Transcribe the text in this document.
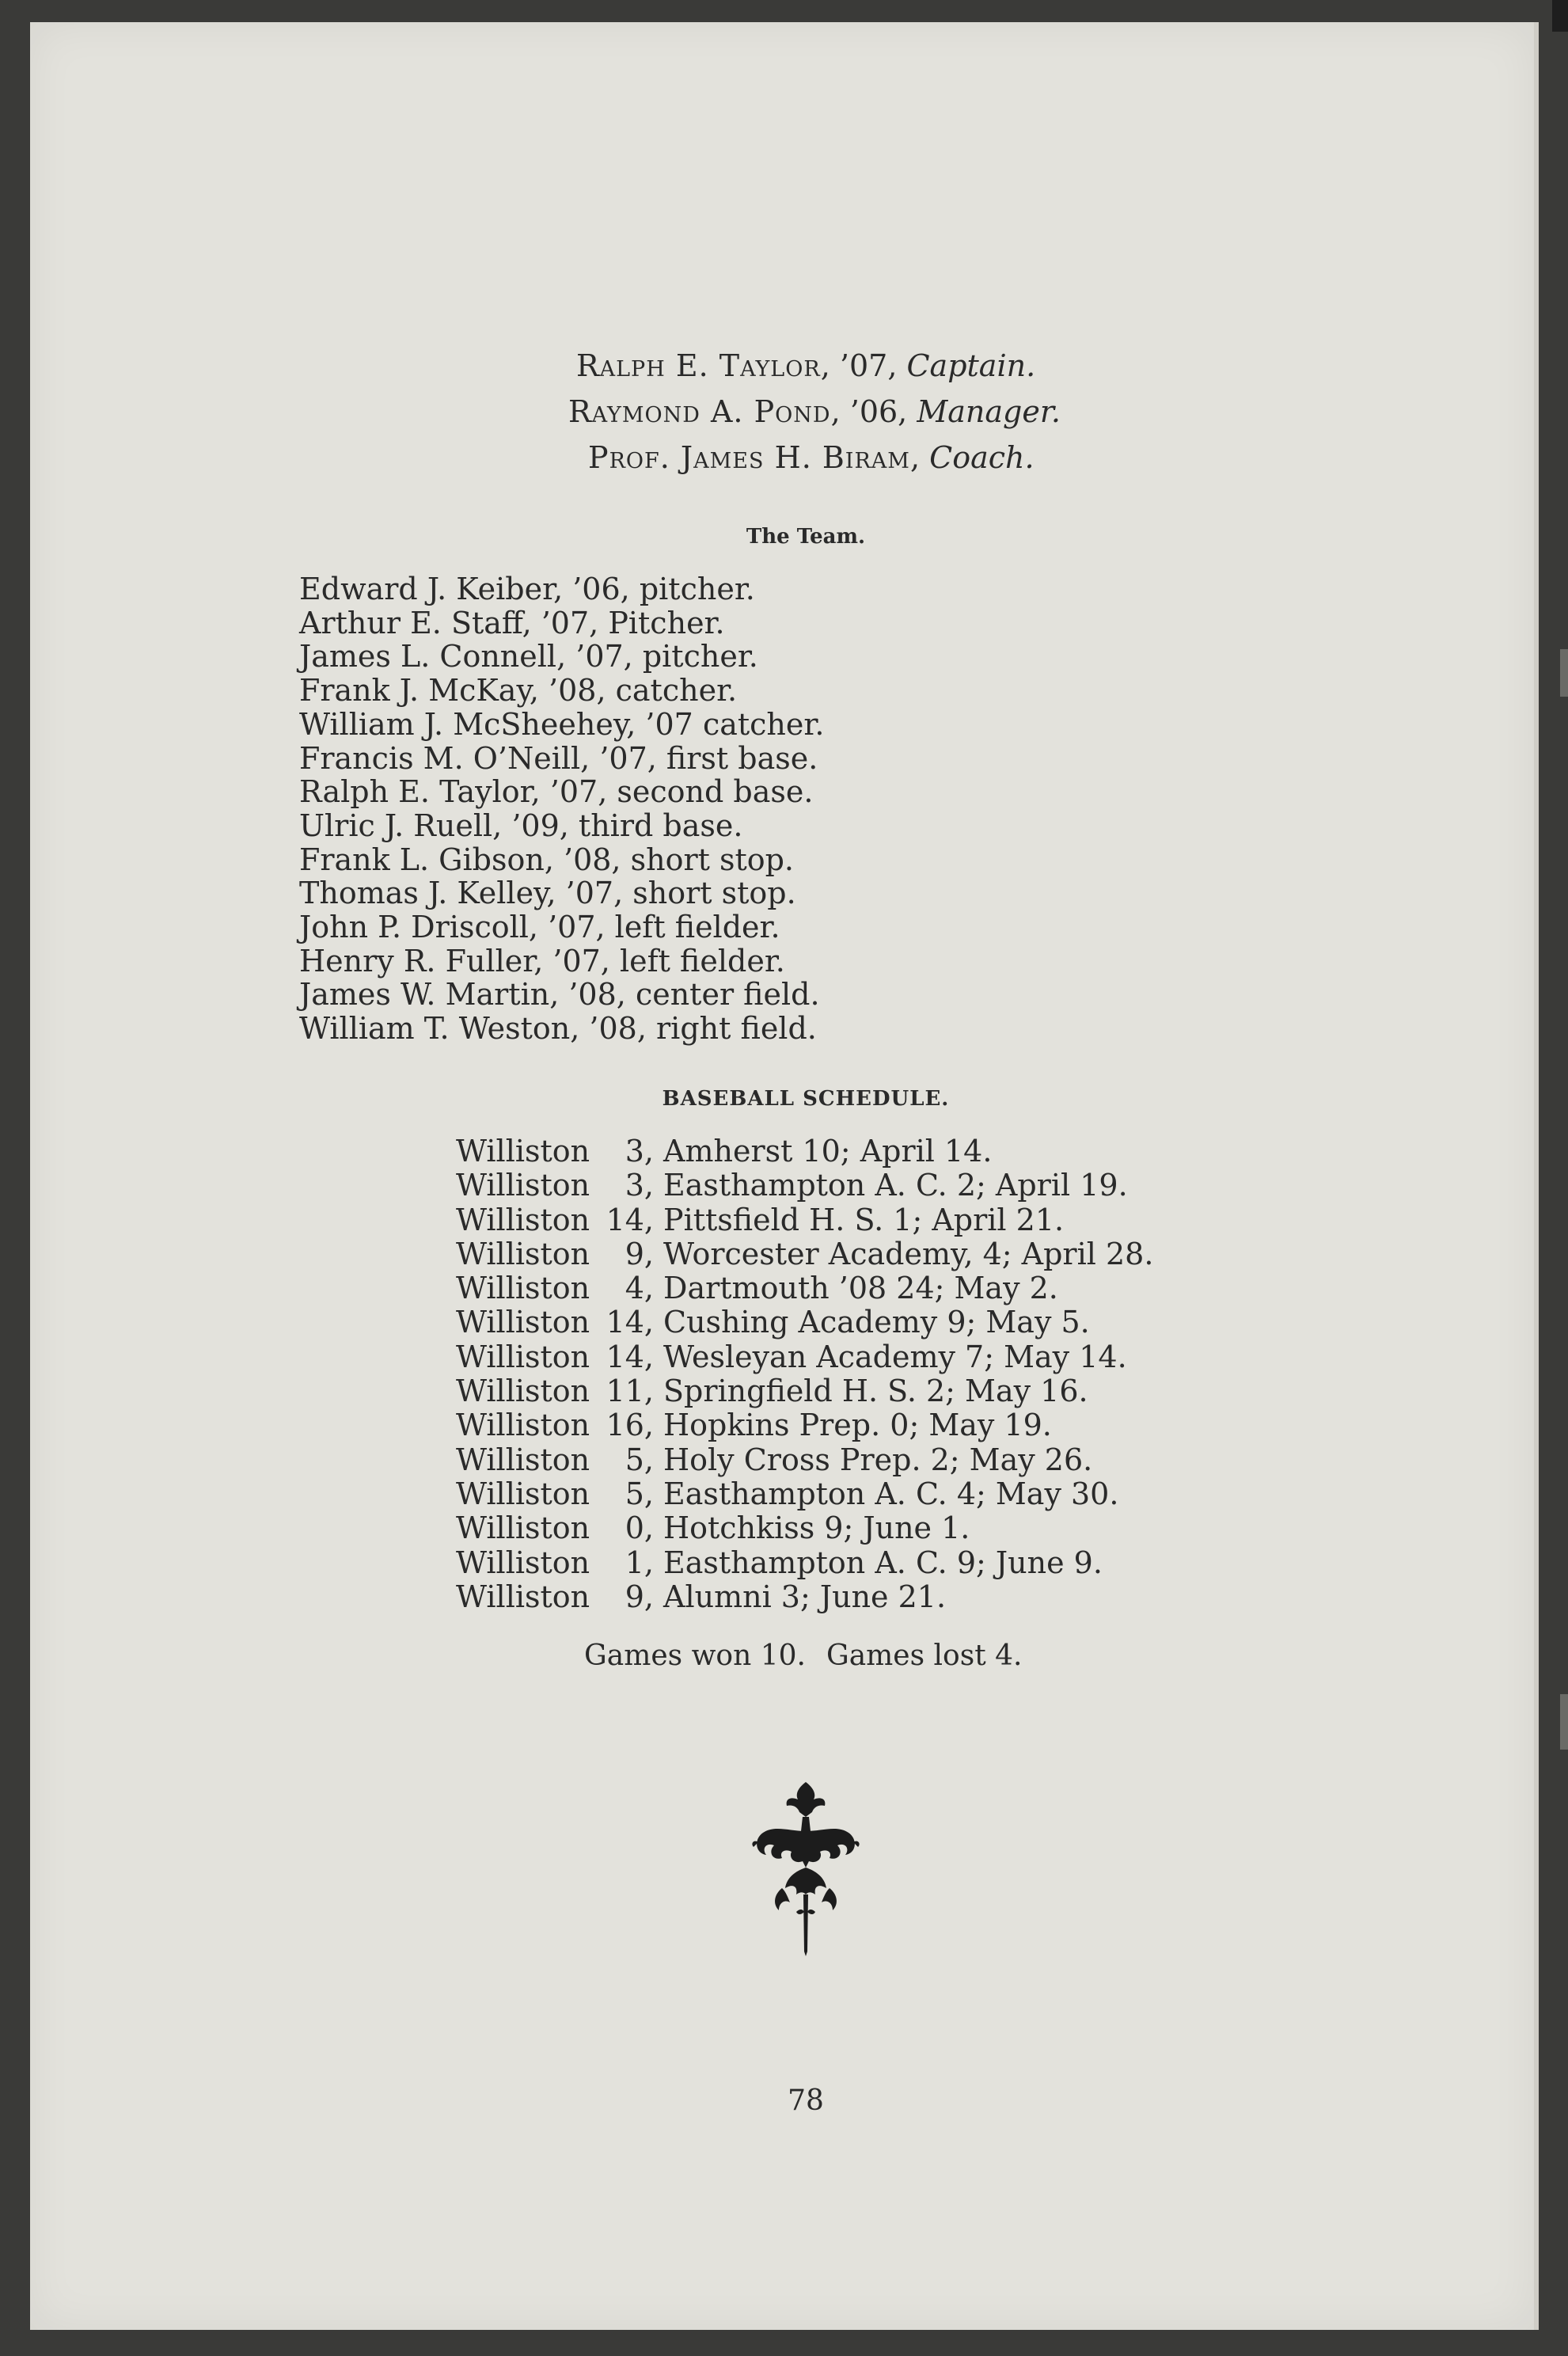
Ralph E. Taylor, ’07, Captain.
Raymond A. Pond, ’06, Manager.
Prof. James H. Biram, Coach.
The Team.
Edward J. Keiber, ’06, pitcher.
Arthur E. Staff, ’07, Pitcher.
James L. Connell, ’07, pitcher.
Frank J. McKay, ’08, catcher.
William J. McSheehey, ’07 catcher.
Francis M. O’Neill, ’07, first base.
Ralph E. Taylor, ’07, second base.
Ulric J. Ruell, ’09, third base.
Frank L. Gibson, ’08, short stop.
Thomas J. Kelley, ’07, short stop.
John P. Driscoll, ’07, left fielder.
Henry R. Fuller, ’07, left fielder.
James W. Martin, ’08, center field.
William T. Weston, ’08, right field.
BASEBALL SCHEDULE.
Williston	3, Amherst 10; April 14.
Williston	3, Easthampton A. C. 2; April 19.
Williston 14, Pittsfield H. S. 1; April 21.
Williston	9, Worcester Academy, 4; April 28.
Williston	4, Dartmouth ’08 24; May 2.
Williston 14, Cushing Academy 9; May 5.
Williston 14, Wesleyan Academy 7; May 14.
Williston 11, Springfield H. S. 2; May 16.
Williston 16, Hopkins Prep. 0; May 19.
Williston	5, Holy Cross Prep. 2; May 26.
Williston	5, Easthampton A. C. 4; May 30.
Williston	0, Hotchkiss 9; June 1.
Williston	1, Easthampton A. C. 9; June 9.
Williston	9, Alumni 3; June 21.
Games won 10. Games lost 4.
78
